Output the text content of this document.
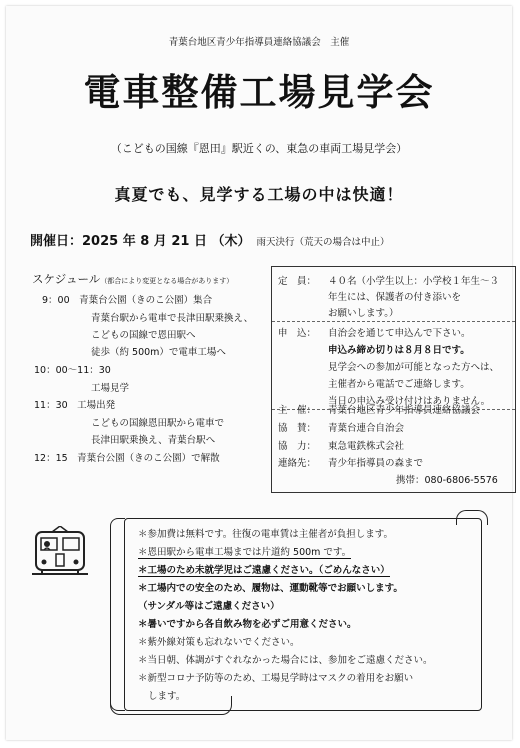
青葉台地区青少年指導員連絡協議会　主催
電車整備工場見学会
（こどもの国線『恩田』駅近くの、東急の車両工場見学会）
真夏でも、見学する工場の中は快適！
開催日：2025 年 8 月 21 日 （木） 雨天決行（荒天の場合は中止）
スケジュール（都合により変更となる場合があります）
9：00　青葉台公園（きのこ公園）集合
青葉台駅から電車で長津田駅乗換え、
こどもの国線で恩田駅へ
徒歩（約 500m）で電車工場へ
10：00～11：30
工場見学
11：30　工場出発
こどもの国線恩田駅から電車で
長津田駅乗換え、青葉台駅へ
12：15　青葉台公園（きのこ公園）で解散
定　員： ４０名（小学生以上：小学校１年生～３
年生には、保護者の付き添いを
お願いします。）
申　込： 自治会を通じて申込んで下さい。
申込み締め切りは８月８日です。
見学会への参加が可能となった方へは、
主催者から電話でご連絡します。
当日の申込み受け付けはありません。
主　催： 青葉台地区青少年指導員連絡協議会
協　賛： 青葉台連合自治会
協　力： 東急電鉄株式会社
連絡先： 青少年指導員の森まで
携帯：080-6806-5576
＊参加費は無料です。往復の電車賃は主催者が負担します。
＊恩田駅から電車工場までは片道約 500m です。
＊工場のため未就学児はご遠慮ください。（ごめんなさい）
＊工場内での安全のため、履物は、運動靴等でお願いします。
（サンダル等はご遠慮ください）
＊暑いですから各自飲み物を必ずご用意ください。
＊紫外線対策も忘れないでください。
＊当日朝、体調がすぐれなかった場合には、参加をご遠慮ください。
＊新型コロナ予防等のため、工場見学時はマスクの着用をお願い
します。
